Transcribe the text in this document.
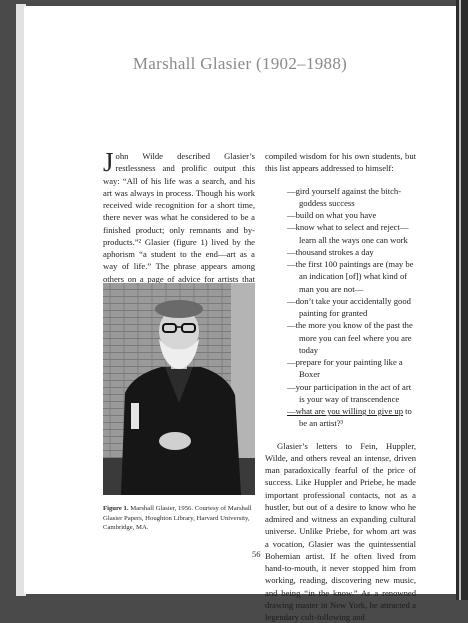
Marshall Glasier (1902–1988)

John Wilde described Glasier’s restlessness and prolific output this way: “All of his life was a search, and his art was always in process. Though his work received wide recognition for a short time, there never was what he considered to be a finished product; only remnants and by-products.”² Glasier (figure 1) lived by the aphorism “a student to the end—art as a way of life.” The phrase appears among others on a page of advice for artists that

Figure 1. Marshall Glasier, 1956. Courtesy of Marshall Glasier Papers, Houghton Library, Harvard University, Cambridge, MA.

compiled wisdom for his own students, but this list appears addressed to himself:

—gird yourself against the bitch-goddess success
—build on what you have
—know what to select and reject—learn all the ways one can work
—thousand strokes a day
—the first 100 paintings are (may be an indication [of]) what kind of man you are not—
—don’t take your accidentally good painting for granted
—the more you know of the past the more you can feel where you are today
—prepare for your painting like a Boxer
—your participation in the act of art is your way of transcendence
—what are you willing to give up to be an artist?³

Glasier’s letters to Fein, Huppler, Wilde, and others reveal an intense, driven man paradoxically fearful of the price of success. Like Huppler and Priebe, he made important professional contacts, not as a hustler, but out of a desire to know who he admired and witness an expanding cultural universe. Unlike Priebe, for whom art was a vocation, Glasier was the quintessential Bohemian artist. If he often lived from hand-to-mouth, it never stopped him from working, reading, discovering new music, and being “in the know.” As a renowned drawing master in New York, he attracted a legendary cult-following and

56
